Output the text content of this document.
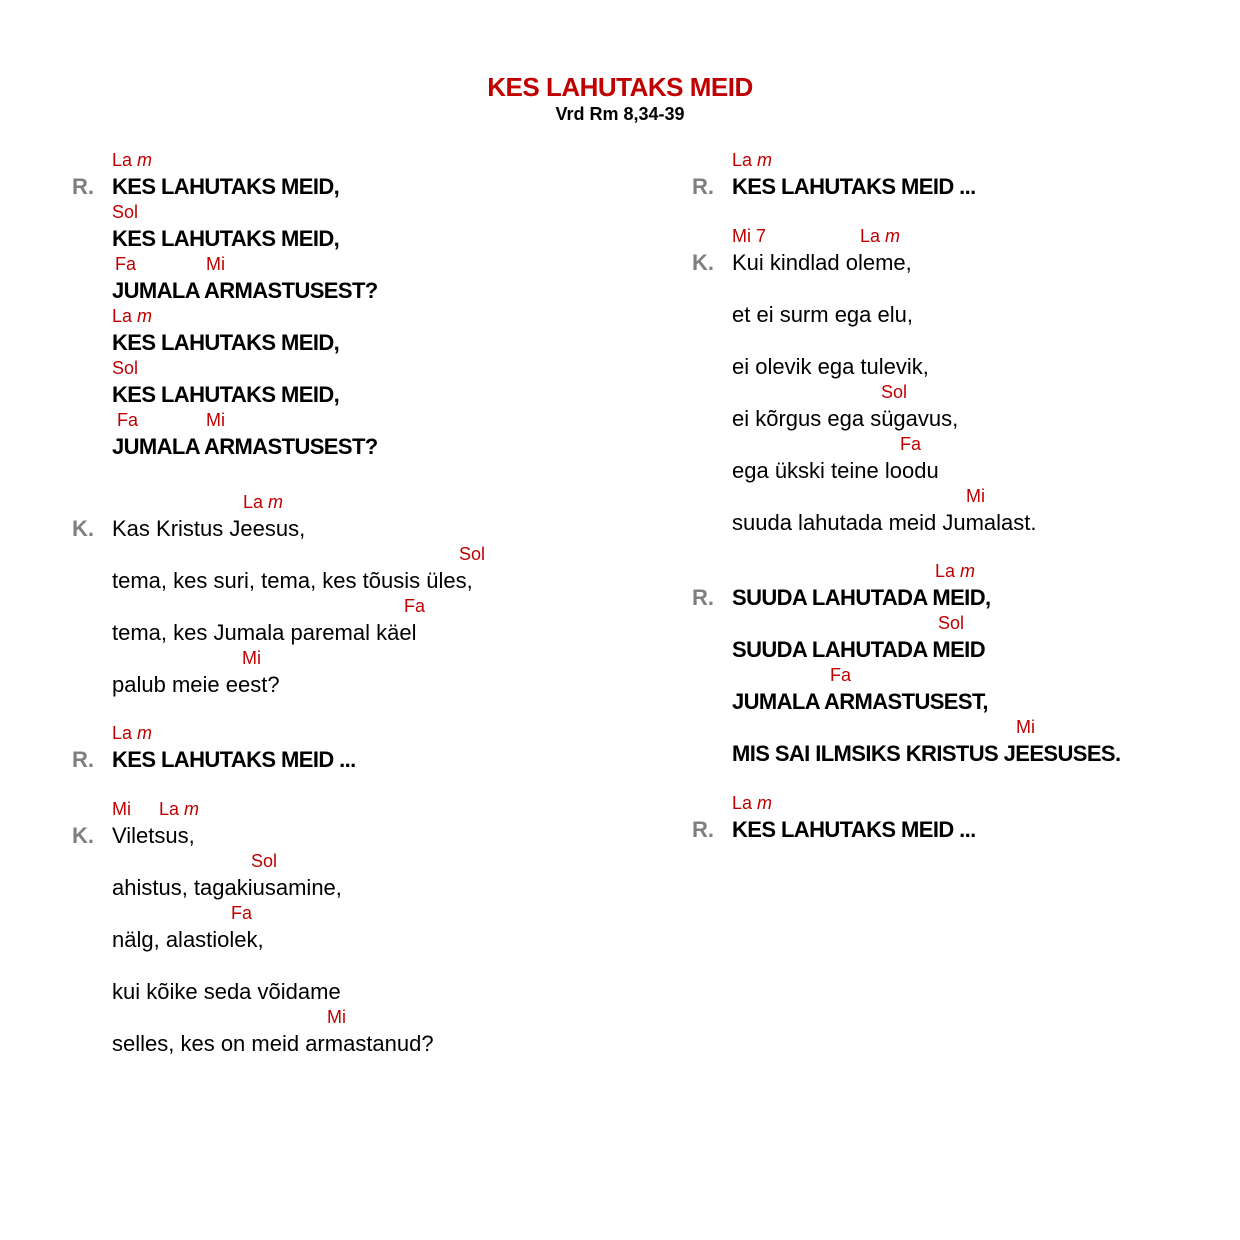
KES LAHUTAKS MEID
Vrd Rm 8,34-39
R.
La m
KES LAHUTAKS MEID,
Sol
KES LAHUTAKS MEID,
Fa	Mi
JUMALA ARMASTUSEST?
La m
KES LAHUTAKS MEID,
Sol
KES LAHUTAKS MEID,
Fa	Mi
JUMALA ARMASTUSEST?
K.
La m
Kas Kristus Jeesus,
Sol
tema, kes suri, tema, kes tõusis üles,
Fa
tema, kes Jumala paremal käel
Mi
palub meie eest?
R.
La m
KES LAHUTAKS MEID ...
K.
Mi La m
Viletsus,
Sol
ahistus, tagakiusamine,
Fa
nälg, alastiolek,
kui kõike seda võidame
Mi
selles, kes on meid armastanud?
R.
La m
KES LAHUTAKS MEID ...
K.
Mi 7	La m
Kui kindlad oleme,
et ei surm ega elu,
ei olevik ega tulevik,
Sol
ei kõrgus ega sügavus,
Fa
ega ükski teine loodu
Mi
suuda lahutada meid Jumalast.
R.
La m
SUUDA LAHUTADA MEID,
Sol
SUUDA LAHUTADA MEID
Fa
JUMALA ARMASTUSEST,
Mi
MIS SAI ILMSIKS KRISTUS JEESUSES.
R.
La m
KES LAHUTAKS MEID ...
